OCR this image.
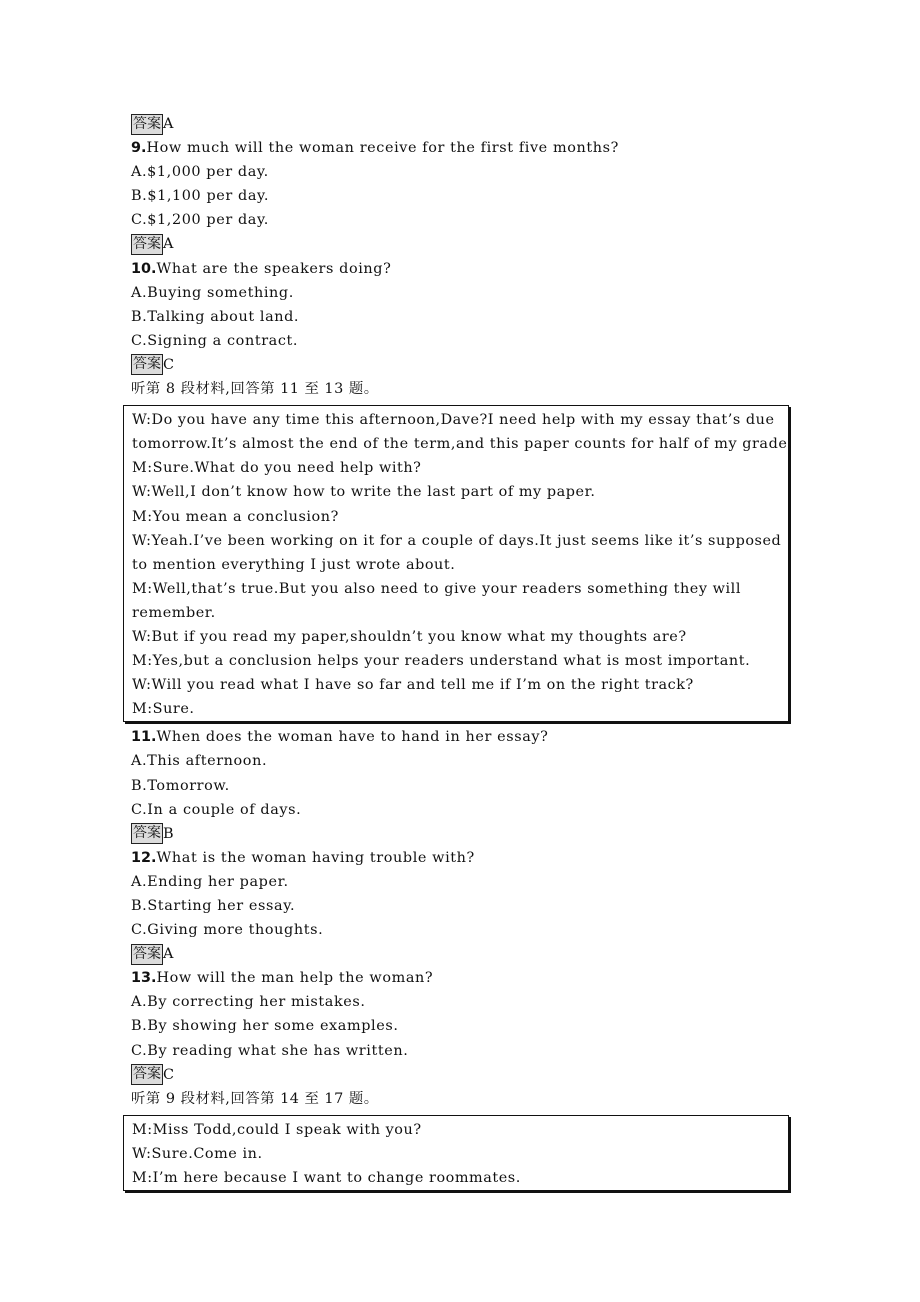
答案 A
9.How much will the woman receive for the first five months?
A.$1,000 per day.
B.$1,100 per day.
C.$1,200 per day.
答案 A
10.What are the speakers doing?
A.Buying something.
B.Talking about land.
C.Signing a contract.
答案 C
听第 8 段材料,回答第 11 至 13 题。
W:Do you have any time this afternoon,Dave?I need help with my essay that’s due
tomorrow.It’s almost the end of the term,and this paper counts for half of my grade.
M:Sure.What do you need help with?
W:Well,I don’t know how to write the last part of my paper.
M:You mean a conclusion?
W:Yeah.I’ve been working on it for a couple of days.It just seems like it’s supposed
to mention everything I just wrote about.
M:Well,that’s true.But you also need to give your readers something they will
remember.
W:But if you read my paper,shouldn’t you know what my thoughts are?
M:Yes,but a conclusion helps your readers understand what is most important.
W:Will you read what I have so far and tell me if I’m on the right track?
M:Sure.
11.When does the woman have to hand in her essay?
A.This afternoon.
B.Tomorrow.
C.In a couple of days.
答案 B
12.What is the woman having trouble with?
A.Ending her paper.
B.Starting her essay.
C.Giving more thoughts.
答案 A
13.How will the man help the woman?
A.By correcting her mistakes.
B.By showing her some examples.
C.By reading what she has written.
答案 C
听第 9 段材料,回答第 14 至 17 题。
M:Miss Todd,could I speak with you?
W:Sure.Come in.
M:I’m here because I want to change roommates.
